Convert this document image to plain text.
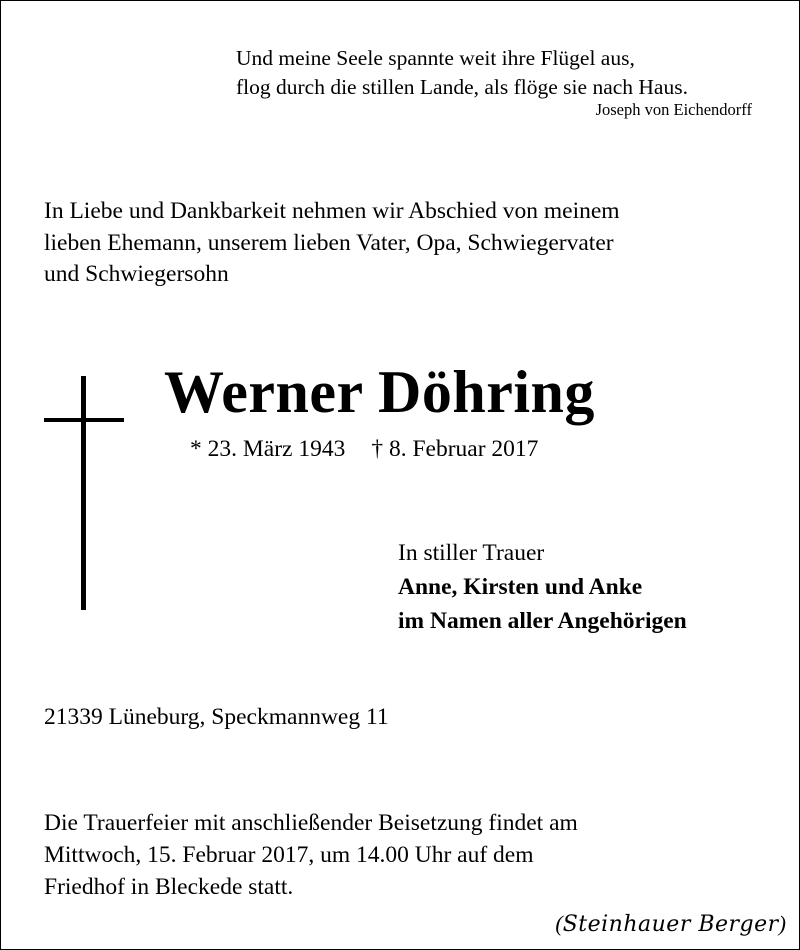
Und meine Seele spannte weit ihre Flügel aus,
flog durch die stillen Lande, als flöge sie nach Haus.
Joseph von Eichendorff
In Liebe und Dankbarkeit nehmen wir Abschied von meinem
lieben Ehemann, unserem lieben Vater, Opa, Schwiegervater
und Schwiegersohn
Werner Döhring
* 23. März 1943 † 8. Februar 2017
In stiller Trauer
Anne, Kirsten und Anke
im Namen aller Angehörigen
21339 Lüneburg, Speckmannweg 11
Die Trauerfeier mit anschließender Beisetzung findet am
Mittwoch, 15. Februar 2017, um 14.00 Uhr auf dem
Friedhof in Bleckede statt.
(Steinhauer Berger)
